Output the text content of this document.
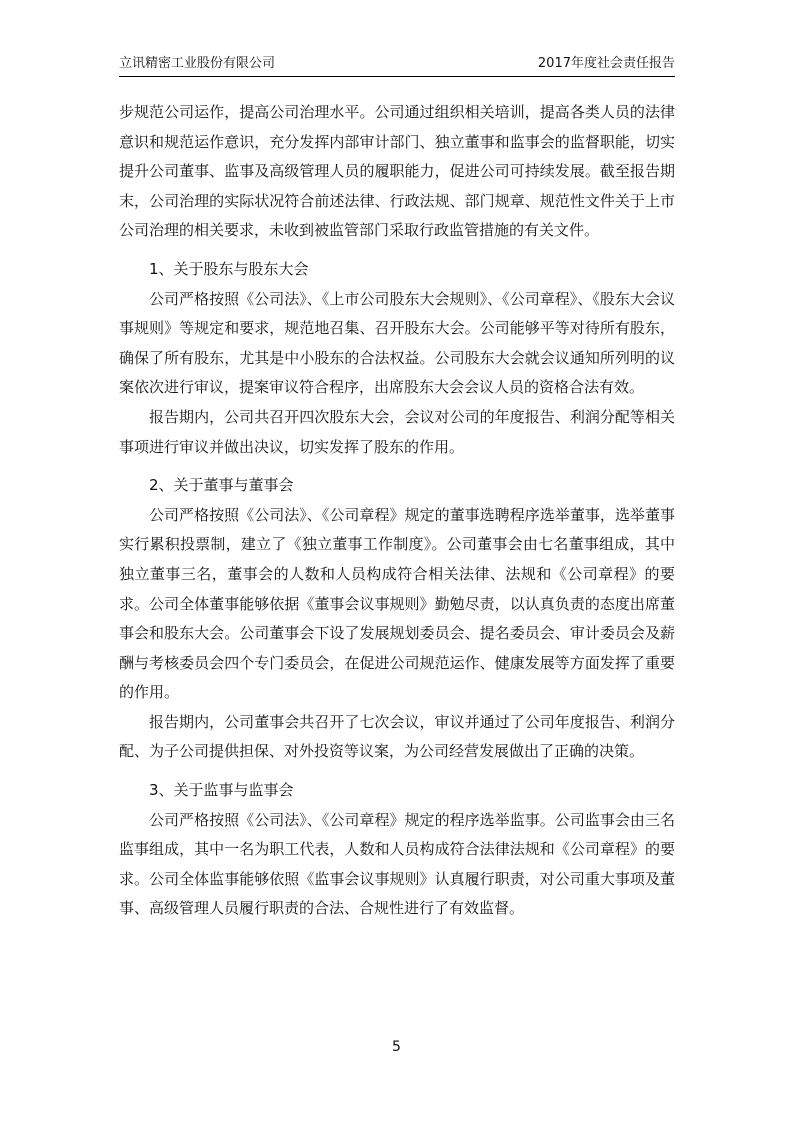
立讯精密工业股份有限公司	2017年度社会责任报告

步规范公司运作，提高公司治理水平。公司通过组织相关培训，提高各类人员的法律意识和规范运作意识，充分发挥内部审计部门、独立董事和监事会的监督职能，切实提升公司董事、监事及高级管理人员的履职能力，促进公司可持续发展。截至报告期末，公司治理的实际状况符合前述法律、行政法规、部门规章、规范性文件关于上市公司治理的相关要求，未收到被监管部门采取行政监管措施的有关文件。

1、关于股东与股东大会

公司严格按照《公司法》、《上市公司股东大会规则》、《公司章程》、《股东大会议事规则》等规定和要求，规范地召集、召开股东大会。公司能够平等对待所有股东，确保了所有股东，尤其是中小股东的合法权益。公司股东大会就会议通知所列明的议案依次进行审议，提案审议符合程序，出席股东大会会议人员的资格合法有效。

报告期内，公司共召开四次股东大会，会议对公司的年度报告、利润分配等相关事项进行审议并做出决议，切实发挥了股东的作用。

2、关于董事与董事会

公司严格按照《公司法》、《公司章程》规定的董事选聘程序选举董事，选举董事实行累积投票制，建立了《独立董事工作制度》。公司董事会由七名董事组成，其中独立董事三名，董事会的人数和人员构成符合相关法律、法规和《公司章程》的要求。公司全体董事能够依据《董事会议事规则》勤勉尽责，以认真负责的态度出席董事会和股东大会。公司董事会下设了发展规划委员会、提名委员会、审计委员会及薪酬与考核委员会四个专门委员会，在促进公司规范运作、健康发展等方面发挥了重要的作用。

报告期内，公司董事会共召开了七次会议，审议并通过了公司年度报告、利润分配、为子公司提供担保、对外投资等议案，为公司经营发展做出了正确的决策。

3、关于监事与监事会

公司严格按照《公司法》、《公司章程》规定的程序选举监事。公司监事会由三名监事组成，其中一名为职工代表，人数和人员构成符合法律法规和《公司章程》的要求。公司全体监事能够依照《监事会议事规则》认真履行职责，对公司重大事项及董事、高级管理人员履行职责的合法、合规性进行了有效监督。

5
